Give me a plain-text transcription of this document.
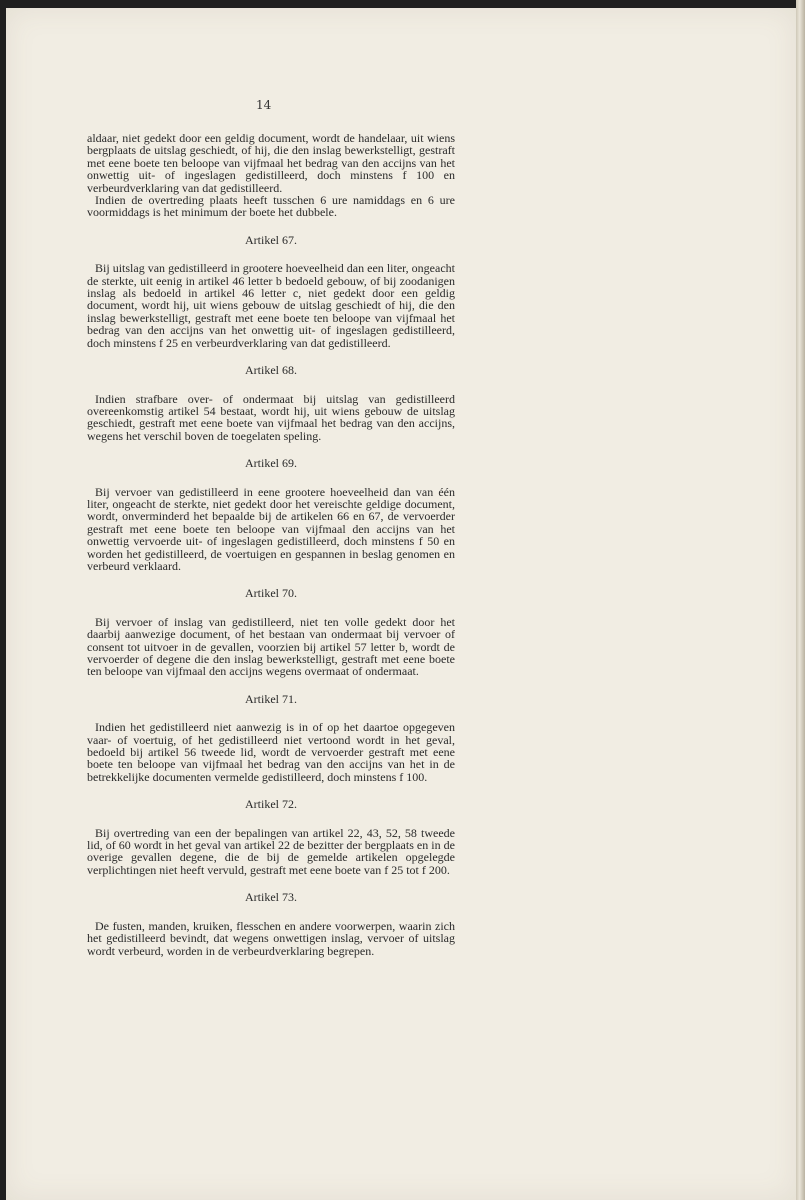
14

aldaar, niet gedekt door een geldig document, wordt de handelaar, uit wiens bergplaats de uitslag geschiedt, of hij, die den inslag bewerkstelligt, gestraft met eene boete ten beloope van vijfmaal het bedrag van den accijns van het onwettig uit- of ingeslagen gedistilleerd, doch minstens f 100 en verbeurdverklaring van dat gedistilleerd.

Indien de overtreding plaats heeft tusschen 6 ure namiddags en 6 ure voormiddags is het minimum der boete het dubbele.

Artikel 67.

Bij uitslag van gedistilleerd in grootere hoeveelheid dan een liter, ongeacht de sterkte, uit eenig in artikel 46 letter b bedoeld gebouw, of bij zoodanigen inslag als bedoeld in artikel 46 letter c, niet gedekt door een geldig document, wordt hij, uit wiens gebouw de uitslag geschiedt of hij, die den inslag bewerkstelligt, gestraft met eene boete ten beloope van vijfmaal het bedrag van den accijns van het onwettig uit- of ingeslagen gedistilleerd, doch minstens f 25 en verbeurdverklaring van dat gedistilleerd.

Artikel 68.

Indien strafbare over- of ondermaat bij uitslag van gedistilleerd overeenkomstig artikel 54 bestaat, wordt hij, uit wiens gebouw de uitslag geschiedt, gestraft met eene boete van vijfmaal het bedrag van den accijns, wegens het verschil boven de toegelaten speling.

Artikel 69.

Bij vervoer van gedistilleerd in eene grootere hoeveelheid dan van één liter, ongeacht de sterkte, niet gedekt door het vereischte geldige document, wordt, onverminderd het bepaalde bij de artikelen 66 en 67, de vervoerder gestraft met eene boete ten beloope van vijfmaal den accijns van het onwettig vervoerde uit- of ingeslagen gedistilleerd, doch minstens f 50 en worden het gedistilleerd, de voertuigen en gespannen in beslag genomen en verbeurd verklaard.

Artikel 70.

Bij vervoer of inslag van gedistilleerd, niet ten volle gedekt door het daarbij aanwezige document, of het bestaan van ondermaat bij vervoer of consent tot uitvoer in de gevallen, voorzien bij artikel 57 letter b, wordt de vervoerder of degene die den inslag bewerkstelligt, gestraft met eene boete ten beloope van vijfmaal den accijns wegens overmaat of ondermaat.

Artikel 71.

Indien het gedistilleerd niet aanwezig is in of op het daartoe opgegeven vaar- of voertuig, of het gedistilleerd niet vertoond wordt in het geval, bedoeld bij artikel 56 tweede lid, wordt de vervoerder gestraft met eene boete ten beloope van vijfmaal het bedrag van den accijns van het in de betrekkelijke documenten vermelde gedistilleerd, doch minstens f 100.

Artikel 72.

Bij overtreding van een der bepalingen van artikel 22, 43, 52, 58 tweede lid, of 60 wordt in het geval van artikel 22 de bezitter der bergplaats en in de overige gevallen degene, die de bij de gemelde artikelen opgelegde verplichtingen niet heeft vervuld, gestraft met eene boete van f 25 tot f 200.

Artikel 73.

De fusten, manden, kruiken, flesschen en andere voorwerpen, waarin zich het gedistilleerd bevindt, dat wegens onwettigen inslag, vervoer of uitslag wordt verbeurd, worden in de verbeurdverklaring begrepen.
